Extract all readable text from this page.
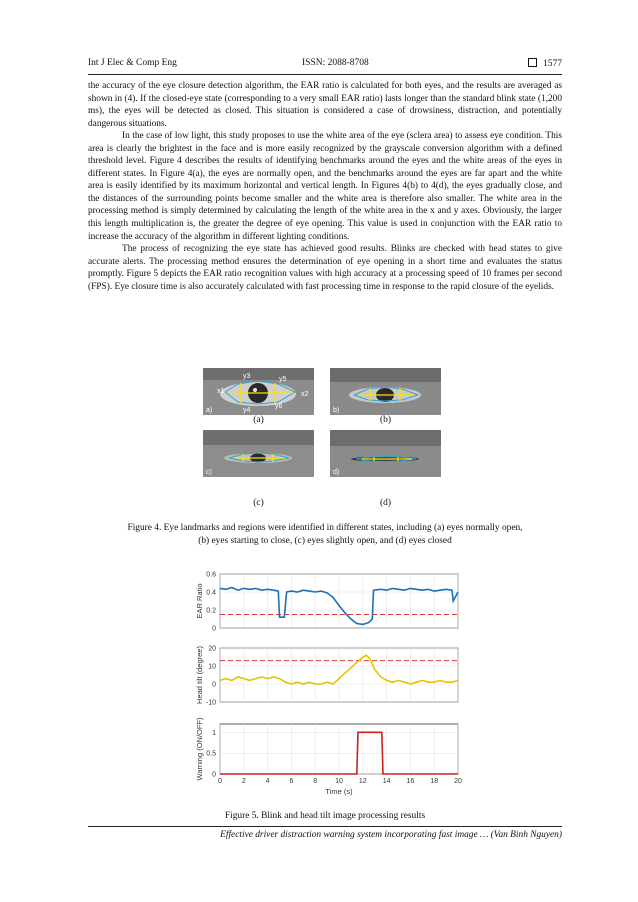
Int J Elec & Comp Eng	ISSN: 2088-8708	1577

the accuracy of the eye closure detection algorithm, the EAR ratio is calculated for both eyes, and the results are averaged as shown in (4). If the closed-eye state (corresponding to a very small EAR ratio) lasts longer than the standard blink state (1,200 ms), the eyes will be detected as closed. This situation is considered a case of drowsiness, distraction, and potentially dangerous situations.

In the case of low light, this study proposes to use the white area of the eye (sclera area) to assess eye condition. This area is clearly the brightest in the face and is more easily recognized by the grayscale conversion algorithm with a defined threshold level. Figure 4 describes the results of identifying benchmarks around the eyes and the white areas of the eyes in different states. In Figure 4(a), the eyes are normally open, and the benchmarks around the eyes are far apart and the white area is easily identified by its maximum horizontal and vertical length. In Figures 4(b) to 4(d), the eyes gradually close, and the distances of the surrounding points become smaller and the white area is therefore also smaller. The white area in the processing method is simply determined by calculating the length of the white area in the x and y axes. Obviously, the larger this length multiplication is, the greater the degree of eye opening. This value is used in conjunction with the EAR ratio to increase the accuracy of the algorithm in different lighting conditions.

The process of recognizing the eye state has achieved good results. Blinks are checked with head states to give accurate alerts. The processing method ensures the determination of eye opening in a short time and evaluates the status promptly. Figure 5 depicts the EAR ratio recognition values with high accuracy at a processing speed of 10 frames per second (FPS). Eye closure time is also accurately calculated with fast processing time in response to the rapid closure of the eyelids.

y3	y5
x1	x2
y4
y6
a)	b)
c)	d)
(a)	(b)
(c)	(d)
Figure 4. Eye landmarks and regions were identified in different states, including (a) eyes normally open,
(b) eyes starting to close, (c) eyes slightly open, and (d) eyes closed
0
0.2
0.4
0.6
EAR Ratio
-10
0
10
20
Head tilt (degree)
0
0.5
1
Warning (ON/OFF)
0	2	4	6	8	10 12 14 16 18 20
Time (s)
Figure 5. Blink and head tilt image processing results
Effective driver distraction warning system incorporating fast image … (Van Binh Nguyen)
